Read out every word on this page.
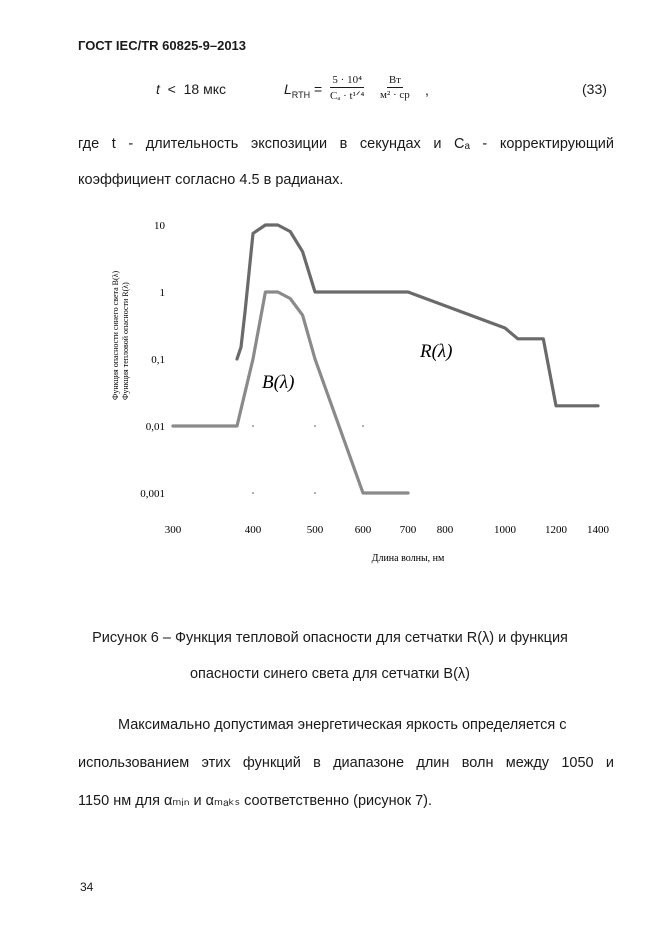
ГОСТ IEC/TR 60825-9–2013
t < 18 мкс	$L_{RTH}$ =
5 · 10⁴
Cₐ · t¹ᐟ⁴
Вт
м² · ср ,	(33)
где t - длительность экспозиции в секундах и Cₐ - корректирующий
коэффициент согласно 4.5 в радианах.
0,001
0,01
0,1
1
10
300	400	500	600	700 800	1000	1200 1400
Функция опасности синего света B(λ) Функция тепловой опасности R(λ)
Длина волны, нм
R(λ)
B(λ)
Рисунок 6 – Функция тепловой опасности для сетчатки R(λ) и функция
опасности синего света для сетчатки B(λ)
Максимально допустимая энергетическая яркость определяется с
использованием этих функций в диапазоне длин волн между 1050 и
1150 нм для αₘᵢₙ и αₘₐₖₛ соответственно (рисунок 7).
34
